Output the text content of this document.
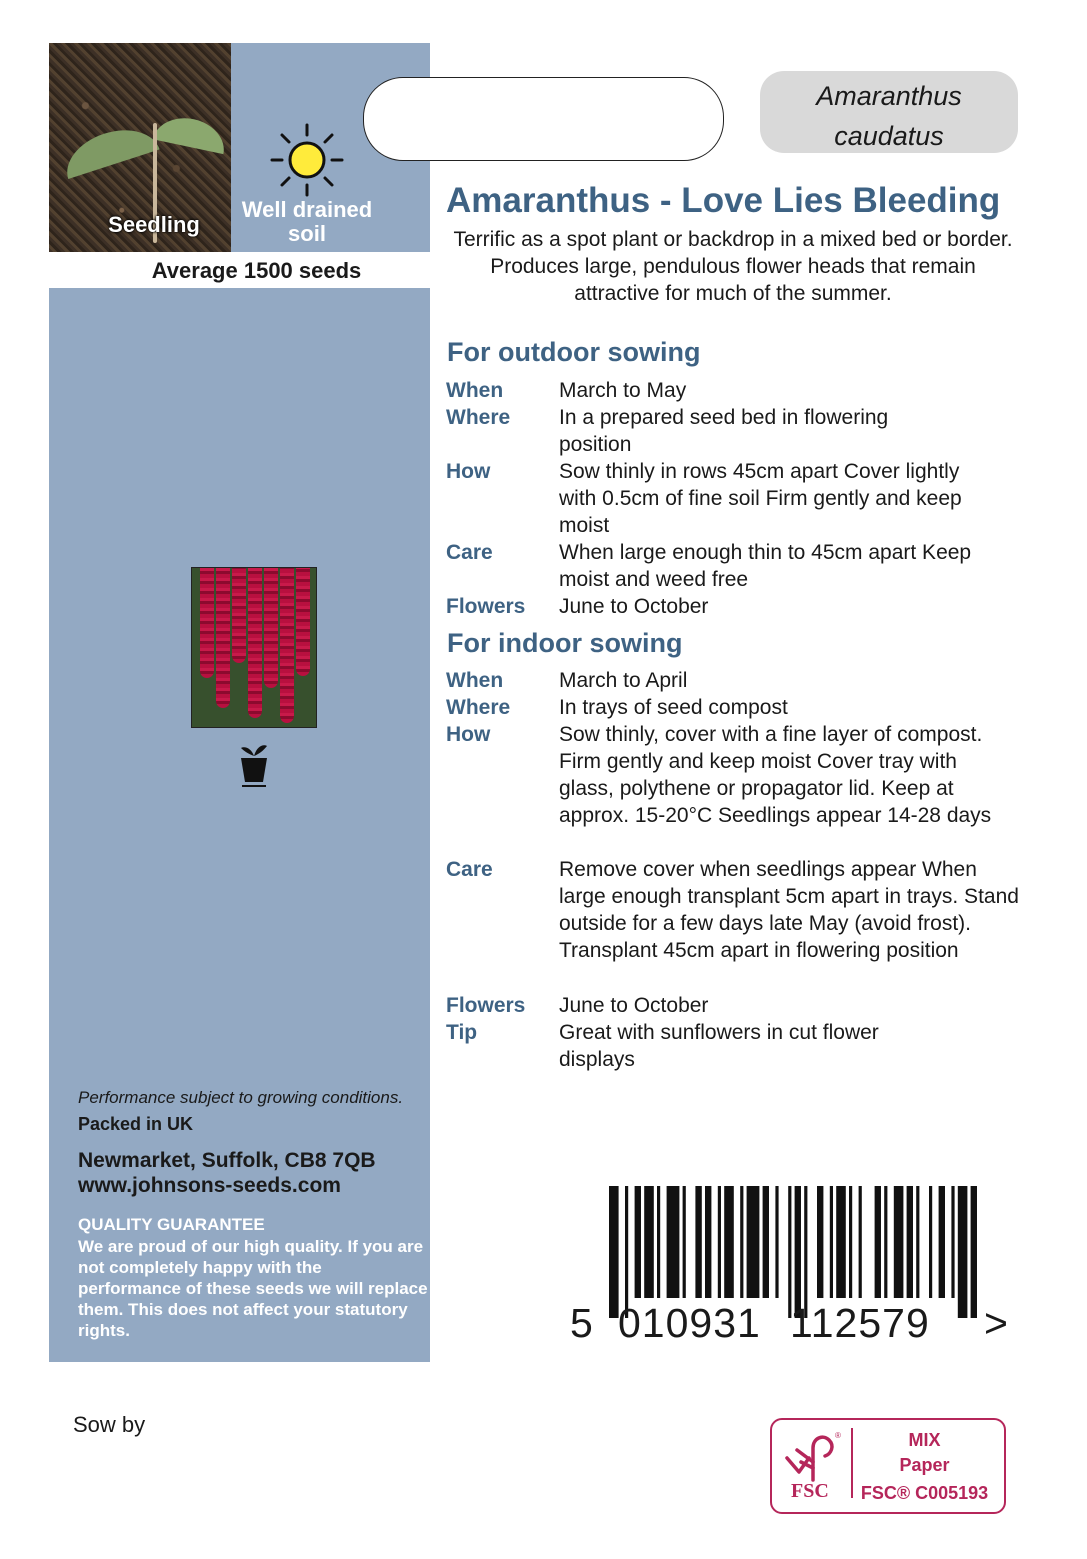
Seedling
Well drained soil
Average 1500 seeds
Performance subject to growing conditions.
Packed in UK
Newmarket, Suffolk, CB8 7QB
www.johnsons-seeds.com
QUALITY GUARANTEE
We are proud of our high quality. If you are not completely happy with the performance of these seeds we will replace them. This does not affect your statutory rights.
Amaranthus caudatus
Amaranthus - Love Lies Bleeding
Terrific as a spot plant or backdrop in a mixed bed or border. Produces large, pendulous flower heads that remain attractive for much of the summer.
For outdoor sowing
When	March to May
Where In a prepared seed bed in flowering position
How	Sow thinly in rows 45cm apart Cover lightly with 0.5cm of fine soil Firm gently and keep moist
Care	When large enough thin to 45cm apart Keep moist and weed free
Flowers June to October
For indoor sowing
When	March to April
Where In trays of seed compost
How	Sow thinly, cover with a fine layer of compost. Firm gently and keep moist Cover tray with glass, polythene or propagator lid. Keep at approx. 15-20°C Seedlings appear 14-28 days
Care	Remove cover when seedlings appear When large enough transplant 5cm apart in trays. Stand outside for a few days late May (avoid frost). Transplant 45cm apart in flowering position
Flowers June to October
Tip	Great with sunflowers in cut flower displays
5 010931 112579 >
Sow by	®
FSC
MIX
Paper
FSC® C005193
